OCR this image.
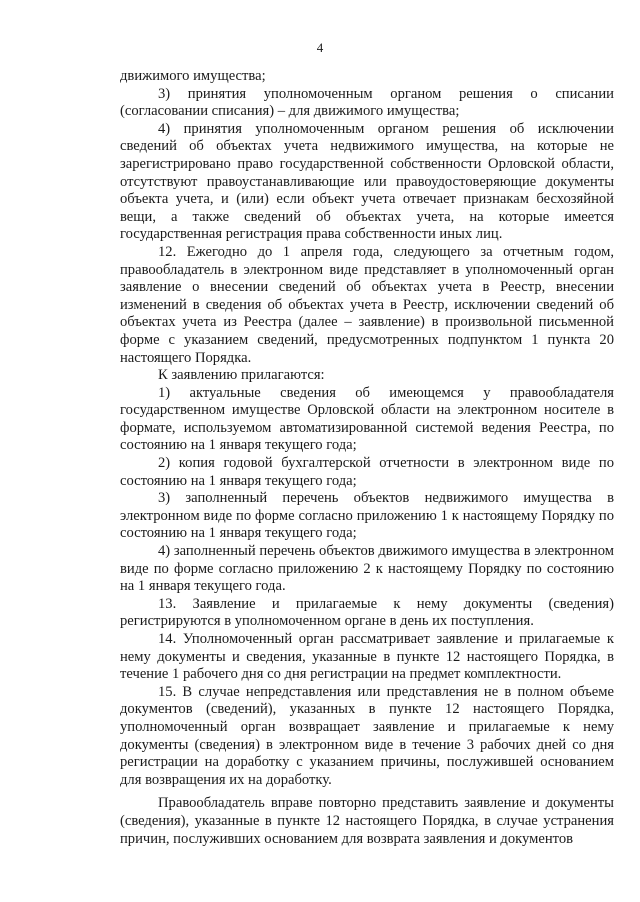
4

движимого имущества;

3) принятия уполномоченным органом решения о списании (согласовании списания) – для движимого имущества;

4) принятия уполномоченным органом решения об исключении сведений об объектах учета недвижимого имущества, на которые не зарегистрировано право государственной собственности Орловской области, отсутствуют правоустанавливающие или правоудостоверяющие документы объекта учета, и (или) если объект учета отвечает признакам бесхозяйной вещи, а также сведений об объектах учета, на которые имеется государственная регистрация права собственности иных лиц.

12. Ежегодно до 1 апреля года, следующего за отчетным годом, правообладатель в электронном виде представляет в уполномоченный орган заявление о внесении сведений об объектах учета в Реестр, внесении изменений в сведения об объектах учета в Реестр, исключении сведений об объектах учета из Реестра (далее – заявление) в произвольной письменной форме с указанием сведений, предусмотренных подпунктом 1 пункта 20 настоящего Порядка.

К заявлению прилагаются:

1) актуальные сведения об имеющемся у правообладателя государственном имуществе Орловской области на электронном носителе в формате, используемом автоматизированной системой ведения Реестра, по состоянию на 1 января текущего года;

2) копия годовой бухгалтерской отчетности в электронном виде по состоянию на 1 января текущего года;

3) заполненный перечень объектов недвижимого имущества в электронном виде по форме согласно приложению 1 к настоящему Порядку по состоянию на 1 января текущего года;

4) заполненный перечень объектов движимого имущества в электронном виде по форме согласно приложению 2 к настоящему Порядку по состоянию на 1 января текущего года.

13. Заявление и прилагаемые к нему документы (сведения) регистрируются в уполномоченном органе в день их поступления.

14. Уполномоченный орган рассматривает заявление и прилагаемые к нему документы и сведения, указанные в пункте 12 настоящего Порядка, в течение 1 рабочего дня со дня регистрации на предмет комплектности.

15. В случае непредставления или представления не в полном объеме документов (сведений), указанных в пункте 12 настоящего Порядка, уполномоченный орган возвращает заявление и прилагаемые к нему документы (сведения) в электронном виде в течение 3 рабочих дней со дня регистрации на доработку с указанием причины, послужившей основанием для возвращения их на доработку.

Правообладатель вправе повторно представить заявление и документы (сведения), указанные в пункте 12 настоящего Порядка, в случае устранения причин, послуживших основанием для возврата заявления и документов
